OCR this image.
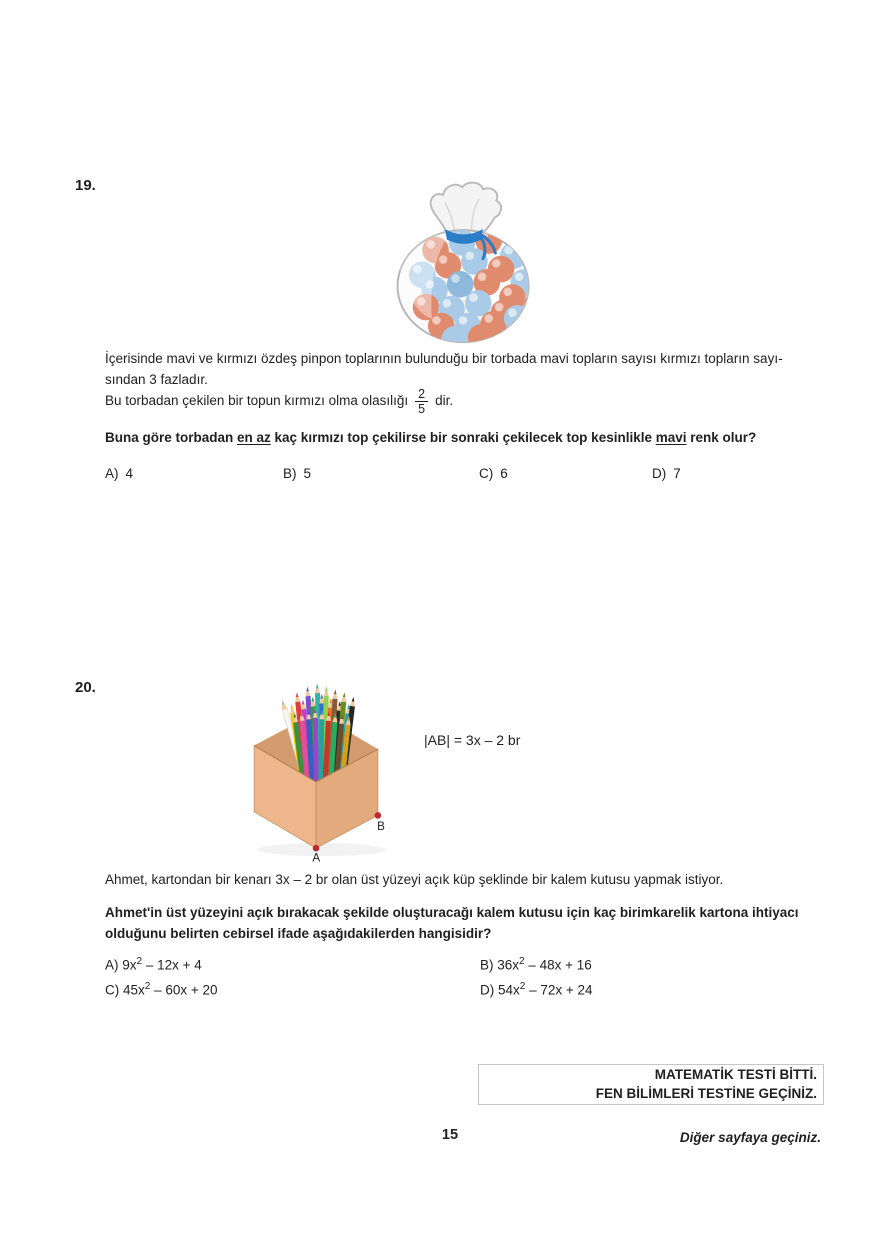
19.
İçerisinde mavi ve kırmızı özdeş pinpon toplarının bulunduğu bir torbada mavi topların sayısı kırmızı topların sayı-
sından 3 fazladır.
Bu torbadan çekilen bir topun kırmızı olma olasılığı $\frac{2}{5}$ dir.
Buna göre torbadan en az kaç kırmızı top çekilirse bir sonraki çekilecek top kesinlikle mavi renk olur?
A) 4	B) 5	C) 6	D) 7
20.
A
B
|AB| = 3x – 2 br
Ahmet, kartondan bir kenarı 3x – 2 br olan üst yüzeyi açık küp şeklinde bir kalem kutusu yapmak istiyor.
Ahmet'in üst yüzeyini açık bırakacak şekilde oluşturacağı kalem kutusu için kaç birimkarelik kartona ihtiyacı olduğunu belirten cebirsel ifade aşağıdakilerden hangisidir?
A) $9x^2 - 12x + 4$	B) $36x^2 - 48x + 16$
C) $45x^2 - 60x + 20$	D) $54x^2 - 72x + 24$
MATEMATİK TESTİ BİTTİ.
FEN BİLİMLERİ TESTİNE GEÇİNİZ.
15	Diğer sayfaya geçiniz.
